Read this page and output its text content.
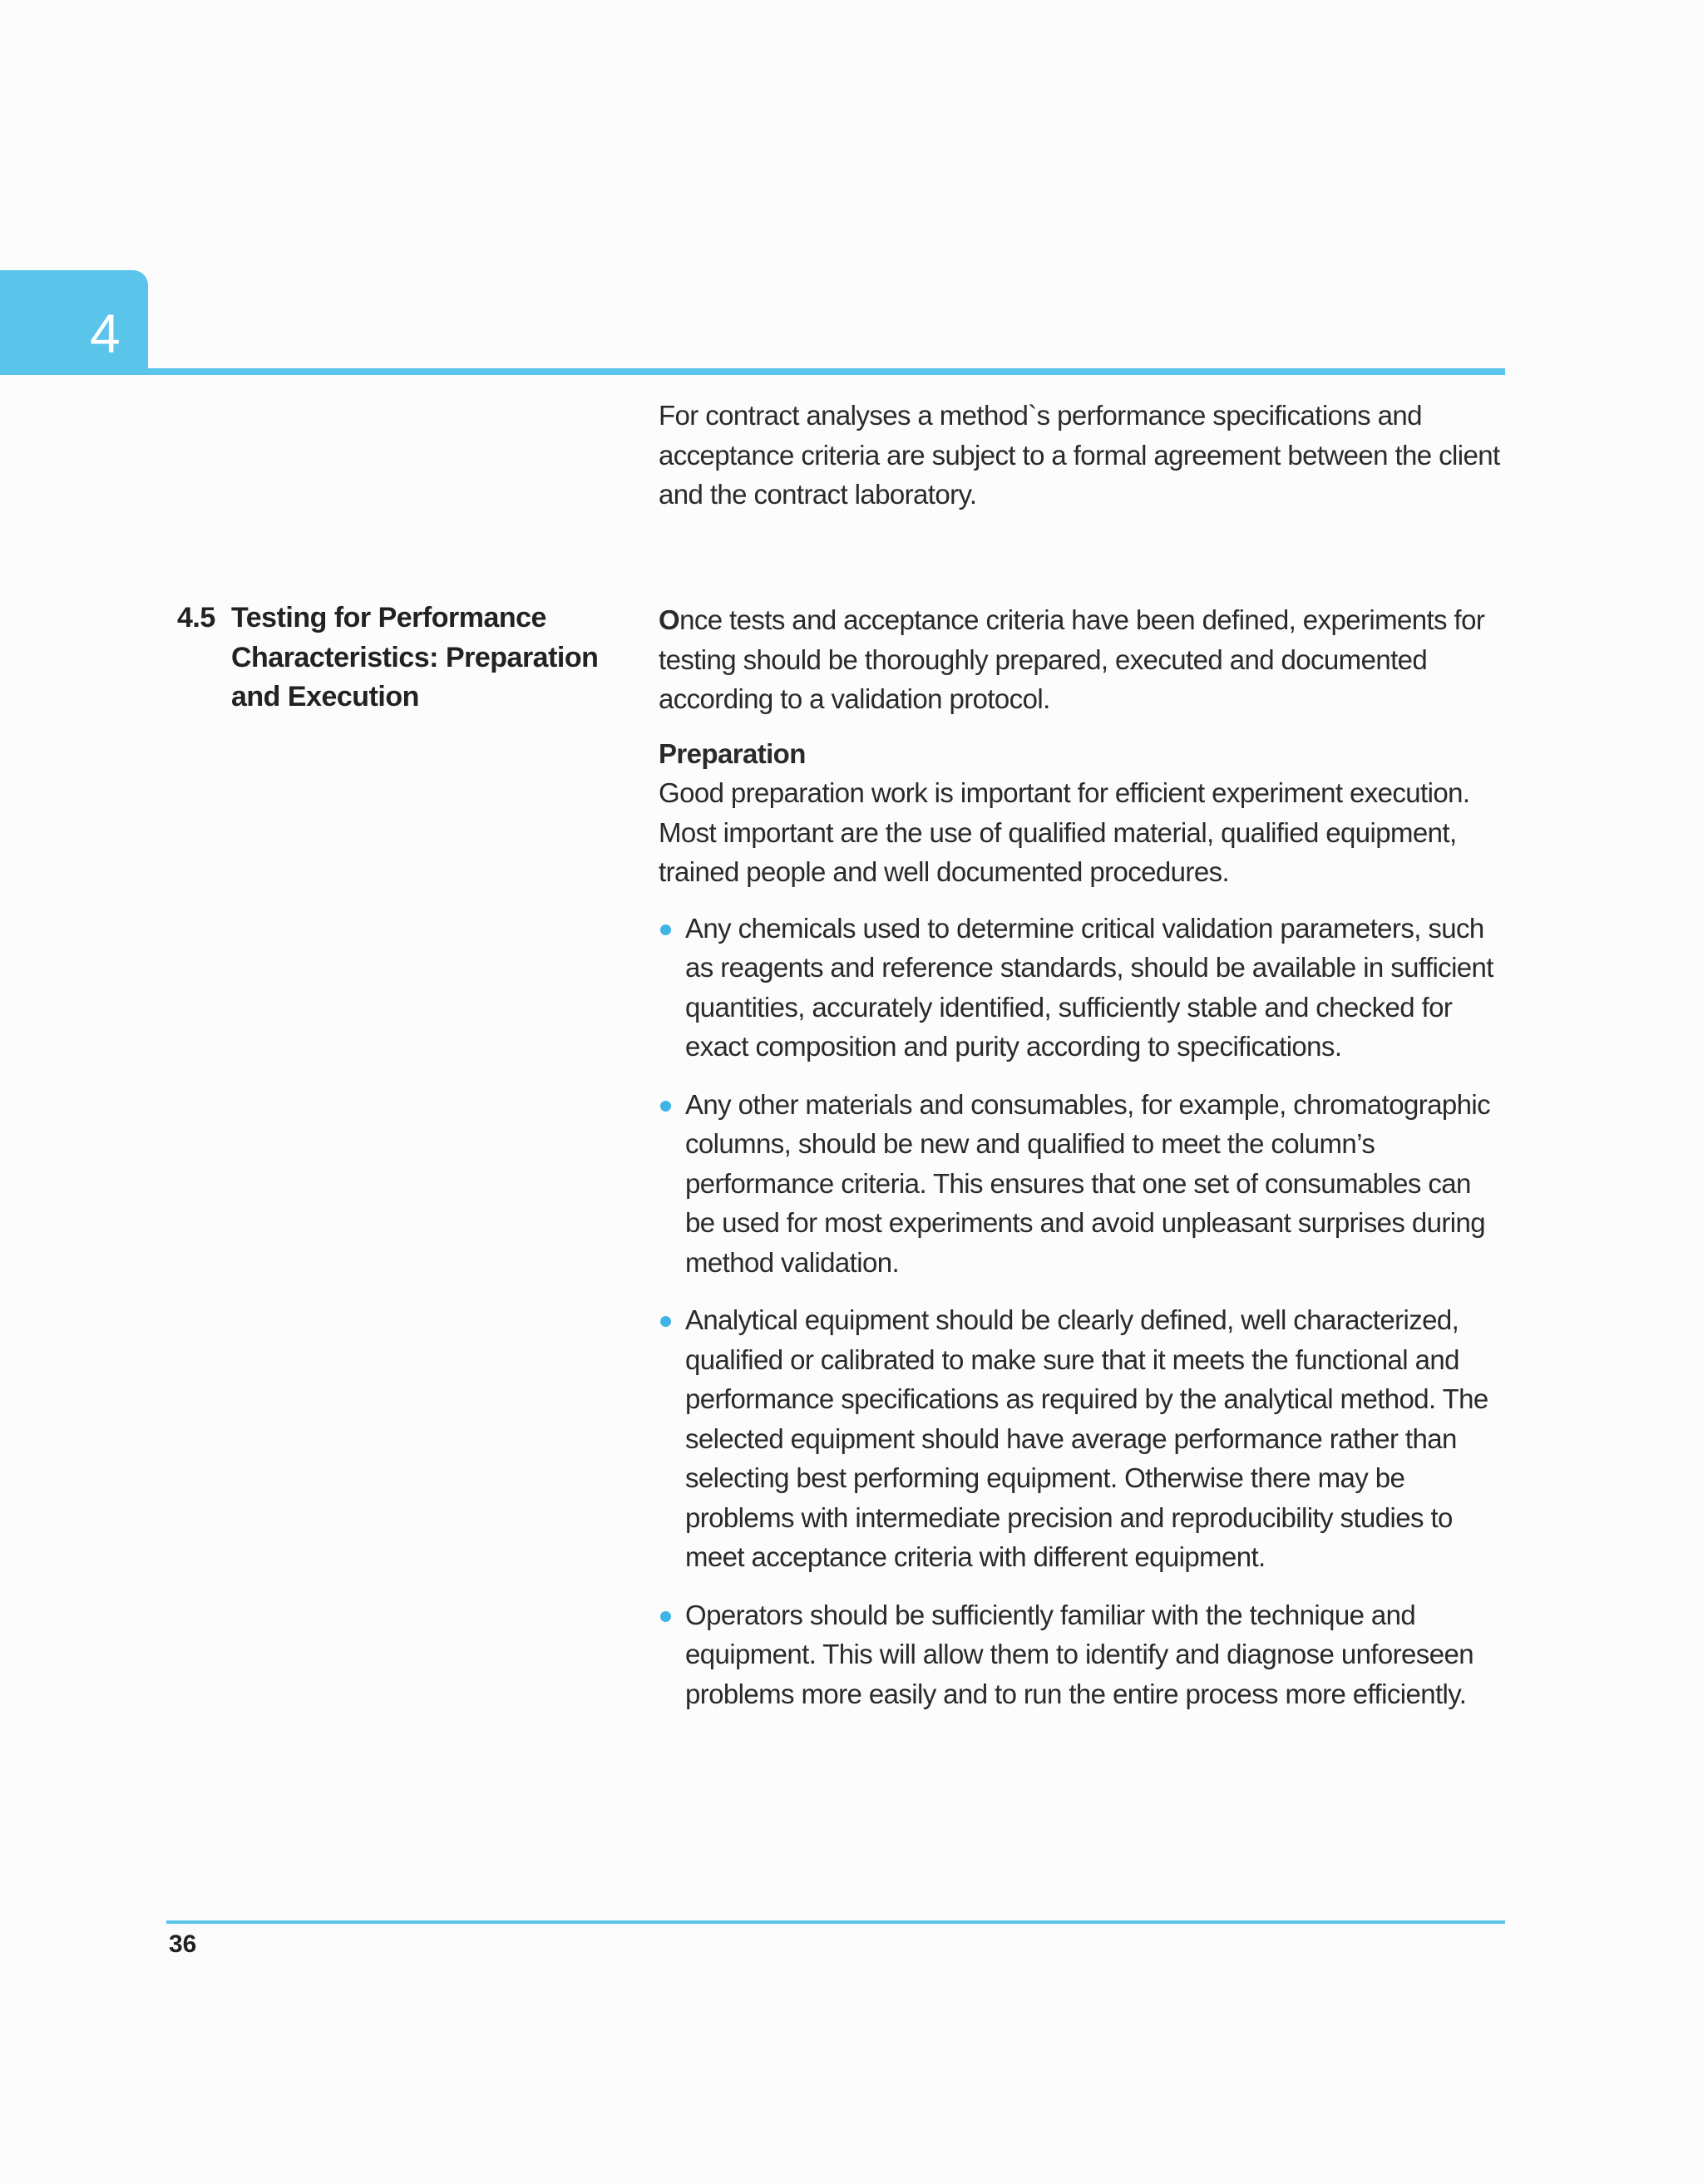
4

For contract analyses a method`s performance specifications and acceptance criteria are subject to a formal agreement between the client and the contract laboratory.

4.5 Testing for Performance Characteristics: Preparation and Execution

Once tests and acceptance criteria have been defined, experiments for testing should be thoroughly prepared, executed and documented according to a validation protocol.

Preparation

Good preparation work is important for efficient experiment execution. Most important are the use of qualified material, qualified equipment, trained people and well documented procedures.

Any chemicals used to determine critical validation parameters, such as reagents and reference standards, should be available in sufficient quantities, accurately identified, sufficiently stable and checked for exact composition and purity according to specifications.
Any other materials and consumables, for example, chromatographic columns, should be new and qualified to meet the column’s performance criteria. This ensures that one set of consumables can be used for most experiments and avoid unpleasant surprises during method validation.
Analytical equipment should be clearly defined, well characterized, qualified or calibrated to make sure that it meets the functional and performance specifications as required by the analytical method. The selected equipment should have average performance rather than selecting best performing equipment. Otherwise there may be problems with intermediate precision and reproducibility studies to meet acceptance criteria with different equipment.
Operators should be sufficiently familiar with the technique and equipment. This will allow them to identify and diagnose unforeseen problems more easily and to run the entire process more efficiently.
36
